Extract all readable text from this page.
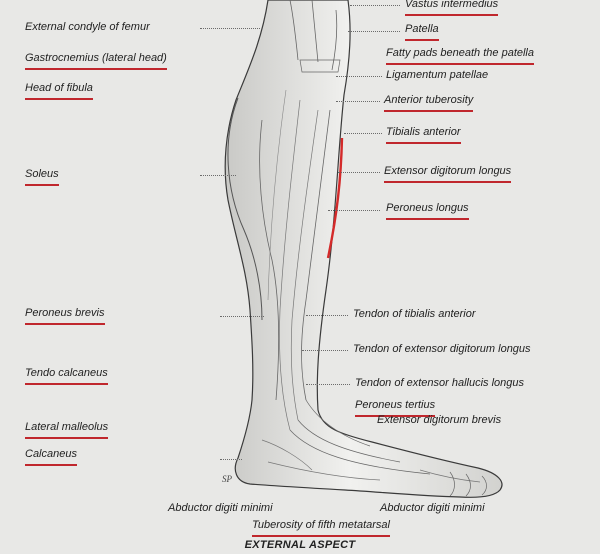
SP
External condyle of femur
Gastrocnemius (lateral head)
Head of fibula
Soleus
Peroneus brevis
Tendo calcaneus
Lateral malleolus
Calcaneus
Vastus intermedius
Patella
Fatty pads beneath the patella
Ligamentum patellae
Anterior tuberosity
Tibialis anterior
Extensor digitorum longus
Peroneus longus
Tendon of tibialis anterior
Tendon of extensor digitorum longus
Tendon of extensor hallucis longus
Peroneus tertius
Extensor digitorum brevis
Abductor digiti minimi	Abductor digiti minimi
Tuberosity of fifth metatarsal
EXTERNAL ASPECT
